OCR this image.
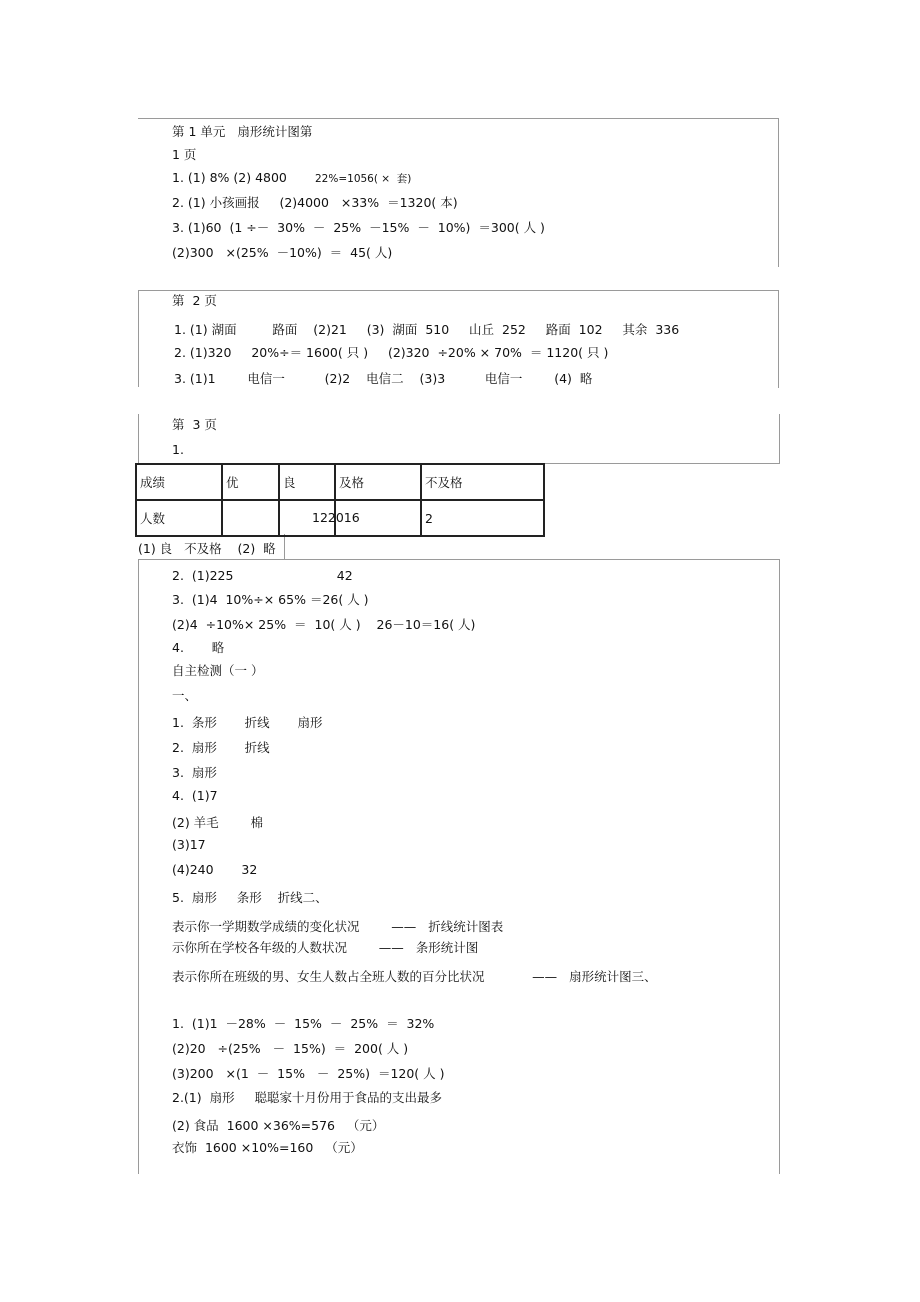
第 1 单元   扇形统计图第
1 页
1. (1) 8% (2) 4800	22%=1056( ×  套)
2. (1) 小孩画报     (2)4000   ×33%  ＝1320( 本)
3. (1)60  (1 ÷－  30%  －  25%  －15%  －  10%)  ＝300( 人 )
(2)300   ×(25%  －10%)  ＝  45( 人)
第  2 页
1. (1) 湖面         路面    (2)21     (3)  湖面  510     山丘  252     路面  102     其余  336
2. (1)320     20%÷＝ 1600( 只 )     (2)320  ÷20% × 70%  ＝ 1120( 只 )
3. (1)1        电信一          (2)2    电信二    (3)3          电信一        (4)  略
第  3 页
1.
成绩	优	良	及格	不及格
人数		122016		2
(1) 良   不及格    (2)  略
2.  (1)225                          42
3.  (1)4  10%÷× 65% ＝26( 人 )
(2)4  ÷10%× 25%  ＝  10( 人 )    26－10＝16( 人)
4.       略
自主检测（一 ）
一、
1.  条形       折线       扇形
2.  扇形       折线
3.  扇形
4.  (1)7
(2) 羊毛        棉
(3)17
(4)240       32
5.  扇形     条形    折线二、
表示你一学期数学成绩的变化状况        ——   折线统计图表
示你所在学校各年级的人数状况        ——   条形统计图
表示你所在班级的男、女生人数占全班人数的百分比状况            ——   扇形统计图三、
1.  (1)1  －28%  －  15%  －  25%  ＝  32%
(2)20   ÷(25%   －  15%)  ＝  200( 人 )
(3)200   ×(1  －  15%   －  25%)  ＝120( 人 )
2.(1)  扇形     聪聪家十月份用于食品的支出最多
(2) 食品  1600 ×36%=576   （元）
衣饰  1600 ×10%=160   （元）
